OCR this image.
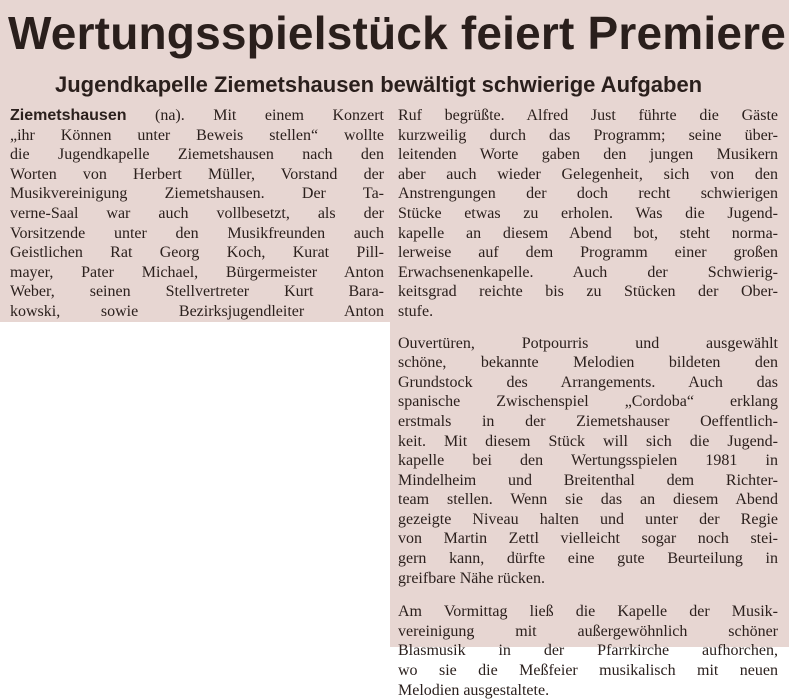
Wertungsspielstück feiert Premiere
Jugendkapelle Ziemetshausen bewältigt schwierige Aufgaben

Ziemetshausen (na). Mit einem Konzert
„ihr Können unter Beweis stellen“ wollte
die Jugendkapelle Ziemetshausen nach den
Worten von Herbert Müller, Vorstand der
Musikvereinigung Ziemetshausen. Der Ta-
verne-Saal war auch vollbesetzt, als der
Vorsitzende unter den Musikfreunden auch
Geistlichen Rat Georg Koch, Kurat Pill-
mayer, Pater Michael, Bürgermeister Anton
Weber, seinen Stellvertreter Kurt Bara-
kowski, sowie Bezirksjugendleiter Anton

Ruf begrüßte. Alfred Just führte die Gäste
kurzweilig durch das Programm; seine über-
leitenden Worte gaben den jungen Musikern
aber auch wieder Gelegenheit, sich von den
Anstrengungen der doch recht schwierigen
Stücke etwas zu erholen. Was die Jugend-
kapelle an diesem Abend bot, steht norma-
lerweise auf dem Programm einer großen
Erwachsenenkapelle. Auch der Schwierig-
keitsgrad reichte bis zu Stücken der Ober-
stufe.

Ouvertüren, Potpourris und ausgewählt
schöne, bekannte Melodien bildeten den
Grundstock des Arrangements. Auch das
spanische Zwischenspiel „Cordoba“ erklang
erstmals in der Ziemetshauser Oeffentlich-
keit. Mit diesem Stück will sich die Jugend-
kapelle bei den Wertungsspielen 1981 in
Mindelheim und Breitenthal dem Richter-
team stellen. Wenn sie das an diesem Abend
gezeigte Niveau halten und unter der Regie
von Martin Zettl vielleicht sogar noch stei-
gern kann, dürfte eine gute Beurteilung in
greifbare Nähe rücken.

Am Vormittag ließ die Kapelle der Musik-
vereinigung mit außergewöhnlich schöner
Blasmusik in der Pfarrkirche aufhorchen,
wo sie die Meßfeier musikalisch mit neuen
Melodien ausgestaltete.
